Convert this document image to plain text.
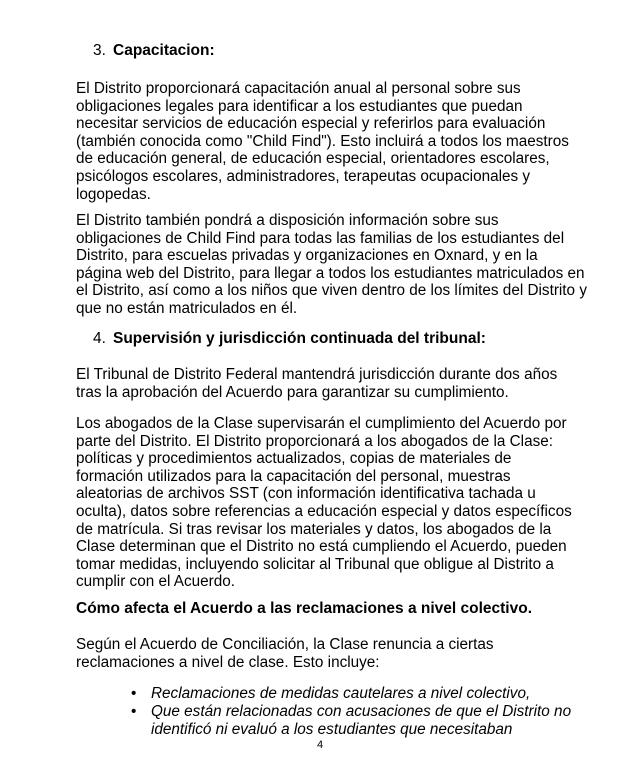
3. Capacitacion:
El Distrito proporcionará capacitación anual al personal sobre sus
obligaciones legales para identificar a los estudiantes que puedan
necesitar servicios de educación especial y referirlos para evaluación
(también conocida como "Child Find"). Esto incluirá a todos los maestros
de educación general, de educación especial, orientadores escolares,
psicólogos escolares, administradores, terapeutas ocupacionales y
logopedas.
El Distrito también pondrá a disposición información sobre sus
obligaciones de Child Find para todas las familias de los estudiantes del
Distrito, para escuelas privadas y organizaciones en Oxnard, y en la
página web del Distrito, para llegar a todos los estudiantes matriculados en
el Distrito, así como a los niños que viven dentro de los límites del Distrito y
que no están matriculados en él.
4. Supervisión y jurisdicción continuada del tribunal:
El Tribunal de Distrito Federal mantendrá jurisdicción durante dos años
tras la aprobación del Acuerdo para garantizar su cumplimiento.
Los abogados de la Clase supervisarán el cumplimiento del Acuerdo por
parte del Distrito. El Distrito proporcionará a los abogados de la Clase:
políticas y procedimientos actualizados, copias de materiales de
formación utilizados para la capacitación del personal, muestras
aleatorias de archivos SST (con información identificativa tachada u
oculta), datos sobre referencias a educación especial y datos específicos
de matrícula. Si tras revisar los materiales y datos, los abogados de la
Clase determinan que el Distrito no está cumpliendo el Acuerdo, pueden
tomar medidas, incluyendo solicitar al Tribunal que obligue al Distrito a
cumplir con el Acuerdo.
Cómo afecta el Acuerdo a las reclamaciones a nivel colectivo.
Según el Acuerdo de Conciliación, la Clase renuncia a ciertas
reclamaciones a nivel de clase. Esto incluye:
• Reclamaciones de medidas cautelares a nivel colectivo,
• Que están relacionadas con acusaciones de que el Distrito no
identificó ni evaluó a los estudiantes que necesitaban
4
